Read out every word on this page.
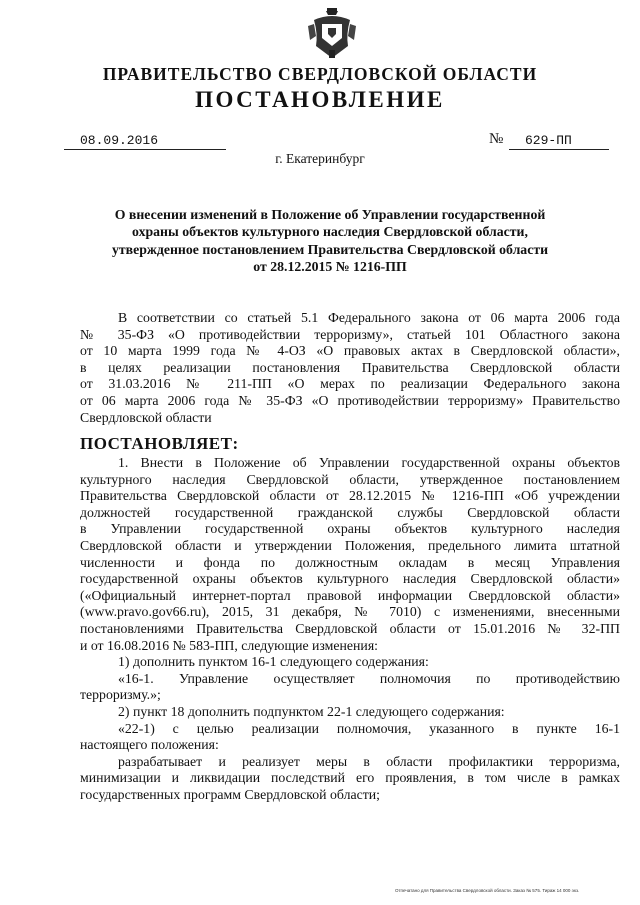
ПРАВИТЕЛЬСТВО СВЕРДЛОВСКОЙ ОБЛАСТИ
ПОСТАНОВЛЕНИЕ
08.09.2016	№	629-ПП
г. Екатеринбург
О внесении изменений в Положение об Управлении государственной
охраны объектов культурного наследия Свердловской области,
утвержденное постановлением Правительства Свердловской области
от 28.12.2015 № 1216-ПП
В соответствии со статьей 5.1 Федерального закона от 06 марта 2006 года
№ 35-ФЗ «О противодействии терроризму», статьей 101 Областного закона
от 10 марта 1999 года № 4-ОЗ «О правовых актах в Свердловской области»,
в целях реализации постановления Правительства Свердловской области
от 31.03.2016 № 211-ПП «О мерах по реализации Федерального закона
от 06 марта 2006 года № 35-ФЗ «О противодействии терроризму» Правительство
Свердловской области
ПОСТАНОВЛЯЕТ:
1. Внести в Положение об Управлении государственной охраны объектов
культурного наследия Свердловской области, утвержденное постановлением
Правительства Свердловской области от 28.12.2015 № 1216-ПП «Об учреждении
должностей государственной гражданской службы Свердловской области
в Управлении государственной охраны объектов культурного наследия
Свердловской области и утверждении Положения, предельного лимита штатной
численности и фонда по должностным окладам в месяц Управления
государственной охраны объектов культурного наследия Свердловской области»
(«Официальный интернет-портал правовой информации Свердловской области»
(www.pravo.gov66.ru), 2015, 31 декабря, № 7010) с изменениями, внесенными
постановлениями Правительства Свердловской области от 15.01.2016 № 32-ПП
и от 16.08.2016 № 583-ПП, следующие изменения:
1) дополнить пунктом 16-1 следующего содержания:
«16-1. Управление осуществляет полномочия по противодействию
терроризму.»;
2) пункт 18 дополнить подпунктом 22-1 следующего содержания:
«22-1) с целью реализации полномочия, указанного в пункте 16-1
настоящего положения:
разрабатывает и реализует меры в области профилактики терроризма,
минимизации и ликвидации последствий его проявления, в том числе в рамках
государственных программ Свердловской области;
Отпечатано для Правительства Свердловской области. Заказ № 575. Тираж 14 000 экз.
